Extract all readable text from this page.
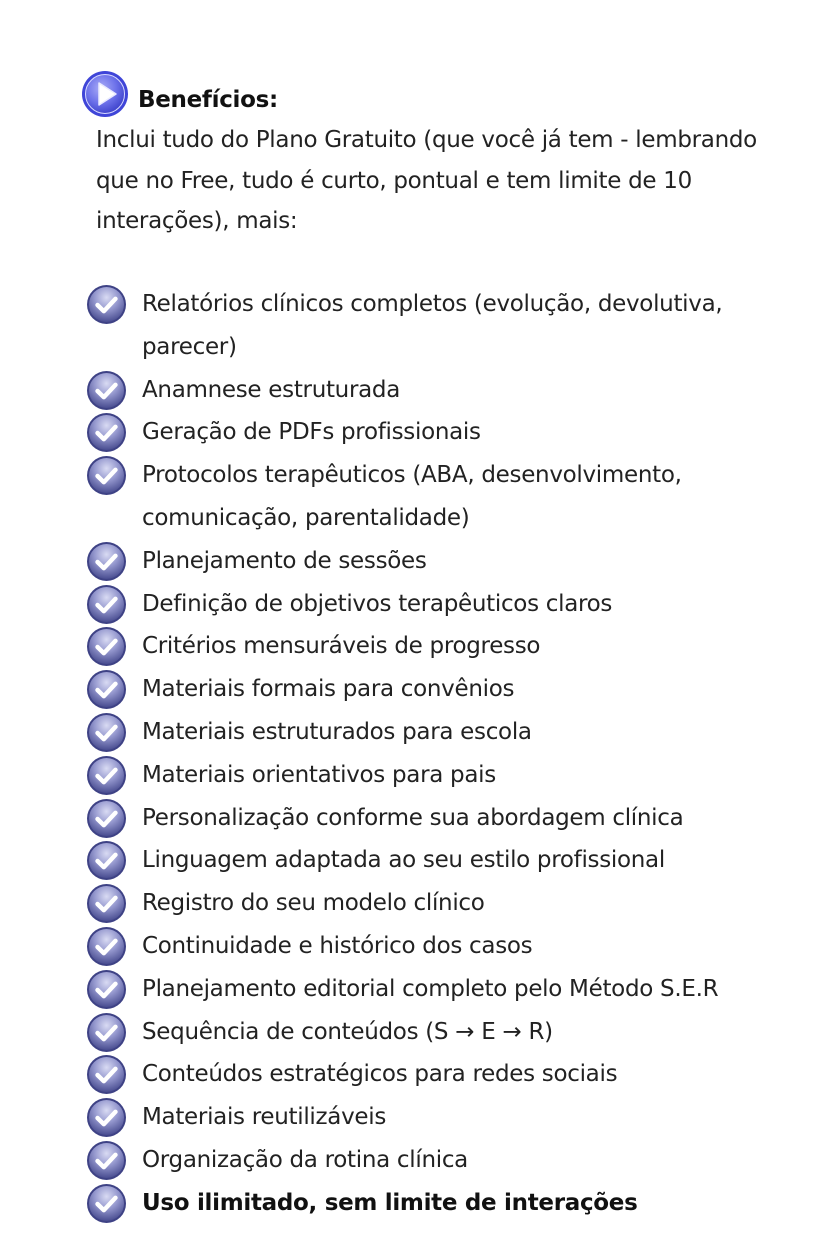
Benefícios:
Inclui tudo do Plano Gratuito (que você já tem - lembrando que no Free, tudo é curto, pontual e tem limite de 10 interações), mais:
Relatórios clínicos completos (evolução, devolutiva, parecer)
Anamnese estruturada
Geração de PDFs profissionais
Protocolos terapêuticos (ABA, desenvolvimento, comunicação, parentalidade)
Planejamento de sessões
Definição de objetivos terapêuticos claros
Critérios mensuráveis de progresso
Materiais formais para convênios
Materiais estruturados para escola
Materiais orientativos para pais
Personalização conforme sua abordagem clínica
Linguagem adaptada ao seu estilo profissional
Registro do seu modelo clínico
Continuidade e histórico dos casos
Planejamento editorial completo pelo Método S.E.R
Sequência de conteúdos (S → E → R)
Conteúdos estratégicos para redes sociais
Materiais reutilizáveis
Organização da rotina clínica
Uso ilimitado, sem limite de interações
